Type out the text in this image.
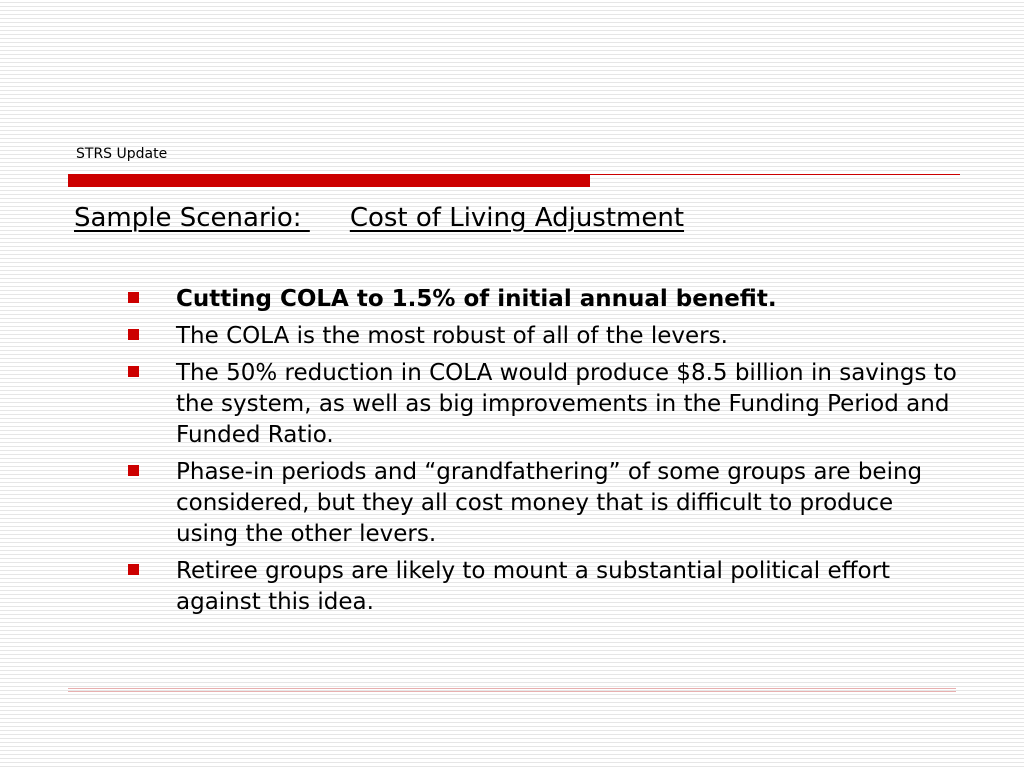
STRS Update
Sample Scenario: Cost of Living Adjustment
Cutting COLA to 1.5% of initial annual benefit.
The COLA is the most robust of all of the levers.
The 50% reduction in COLA would produce $8.5 billion in savings to the system, as well as big improvements in the Funding Period and Funded Ratio.
Phase-in periods and “grandfathering” of some groups are being considered, but they all cost money that is difficult to produce using the other levers.
Retiree groups are likely to mount a substantial political effort against this idea.
